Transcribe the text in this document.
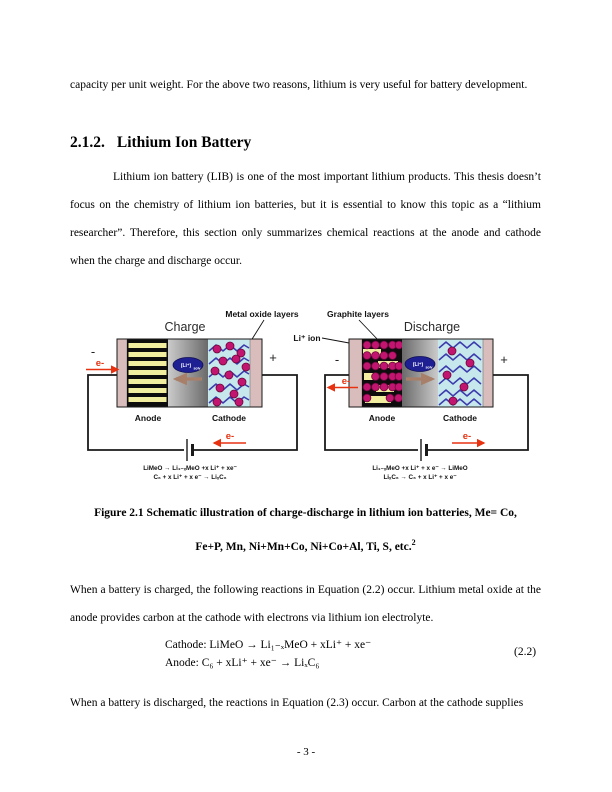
capacity per unit weight. For the above two reasons, lithium is very useful for battery development.

2.1.2. Lithium Ion Battery

Lithium ion battery (LIB) is one of the most important lithium products. This thesis doesn’t focus on the chemistry of lithium ion batteries, but it is essential to know this topic as a “lithium researcher”. Therefore, this section only summarizes chemical reactions at the anode and cathode when the charge and discharge occur.

Metal oxide layers	Graphite layers
Li⁺ ion
Charge
(Li⁺) solv
-	+
e-
e-
Anode	Cathode
LiMeO → Li₁₋ₓMeO +x Li⁺ + xe⁻
C₆ + x Li⁺ + x e⁻ → LiₓC₆
Discharge
(Li⁺) solv
-	+
e-
e-
Anode	Cathode
Li₁₋ₓMeO +x Li⁺ + x e⁻ → LiMeO
LiₓC₆ → C₆ + x Li⁺ + x e⁻
Figure 2.1 Schematic illustration of charge-discharge in lithium ion batteries, Me= Co,
Fe+P, Mn, Ni+Mn+Co, Ni+Co+Al, Ti, S, etc.$^2$

When a battery is charged, the following reactions in Equation (2.2) occur. Lithium metal oxide at the anode provides carbon at the cathode with electrons via lithium ion electrolyte.

Cathode: LiMeO → Li₁₋ₓMeO + xLi⁺ + xe⁻
Anode: C₆ + xLi⁺ + xe⁻ → LiₓC₆
(2.2)

When a battery is discharged, the reactions in Equation (2.3) occur. Carbon at the cathode supplies

- 3 -
